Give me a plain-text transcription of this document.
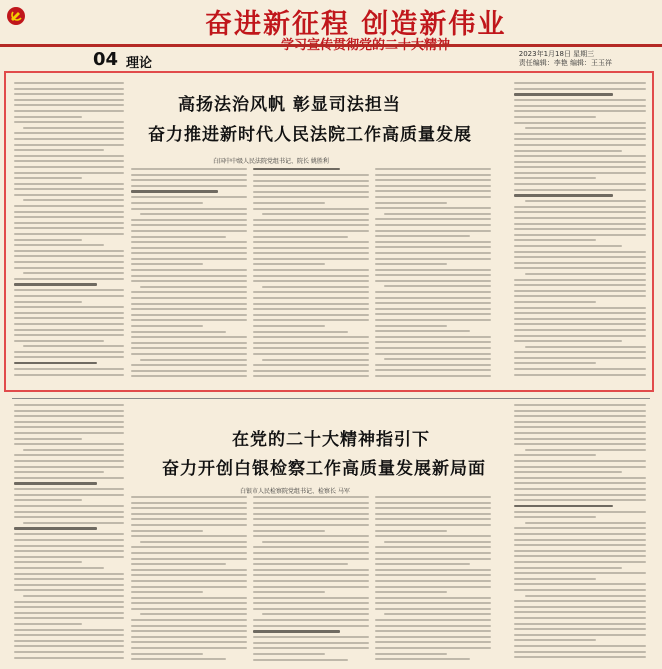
奋进新征程 创造新伟业
04 理论
2023年1月18日 星期三
责任编辑：李艳 编辑：王玉祥
高扬法治风帆 彰显司法担当
奋力推进新时代人民法院工作高质量发展
白国中中级人民法院党组书记、院长 姚胜利
在党的二十大精神指引下
奋力开创白银检察工作高质量发展新局面
白银市人民检察院党组书记、检察长 马军
